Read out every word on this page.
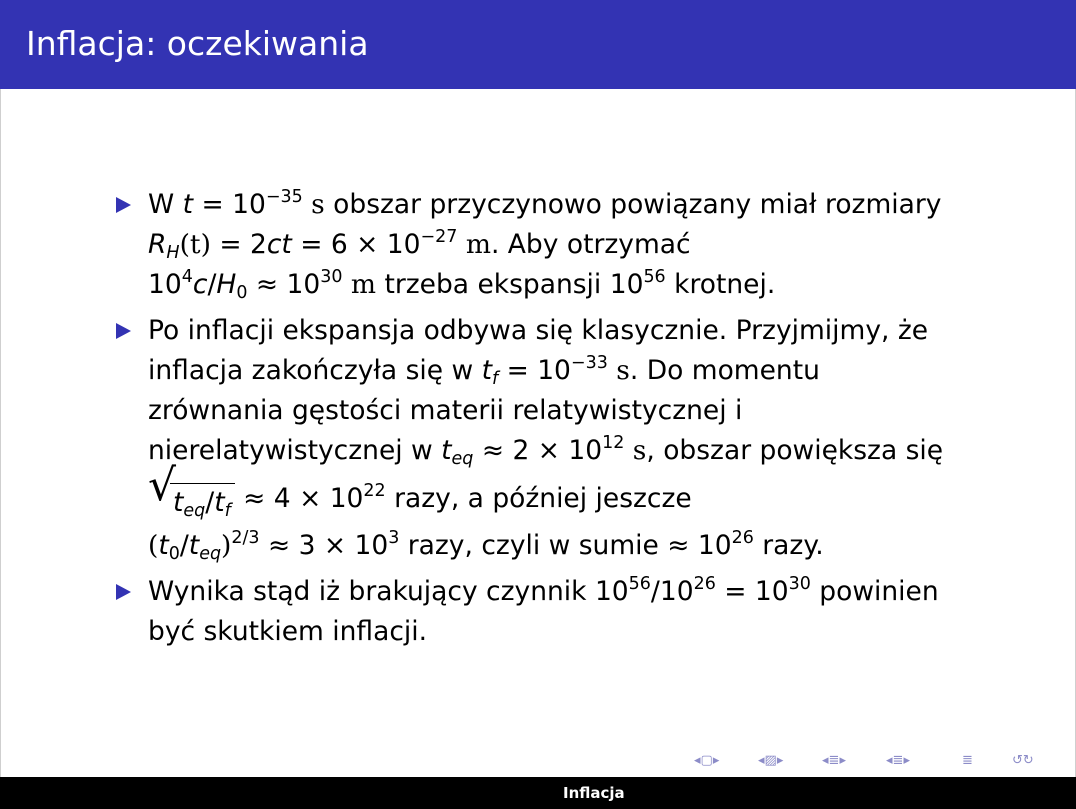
Inflacja: oczekiwania
W $t = 10^{-35}$ s obszar przyczynowo powiązany miał rozmiary
$R_H(t) = 2ct = 6 \times 10^{-27}$ m. Aby otrzymać
$10^4c/H_0 \approx 10^{30}$ m trzeba ekspansji $10^{56}$ krotnej.
Po inflacji ekspansja odbywa się klasycznie. Przyjmijmy, że
inflacja zakończyła się w $t_f = 10^{-33}$ s. Do momentu
zrównania gęstości materii relatywistycznej i
nierelatywistycznej w $t_{eq} \approx 2 \times 10^{12}$ s, obszar powiększa się
√
$t_{eq}/t_f \approx 4 \times 10^{22}$ razy, a później jeszcze
$(t_0/t_{eq})^{2/3} \approx 3 \times 10^3$ razy, czyli w sumie ≈ $10^{26}$ razy.
Wynika stąd iż brakujący czynnik $10^{56}/10^{26} = 10^{30}$ powinien
być skutkiem inflacji.
◂▢▸	◂▨▸	◂≣▸	◂≣▸	≣	↺↻
Inflacja
